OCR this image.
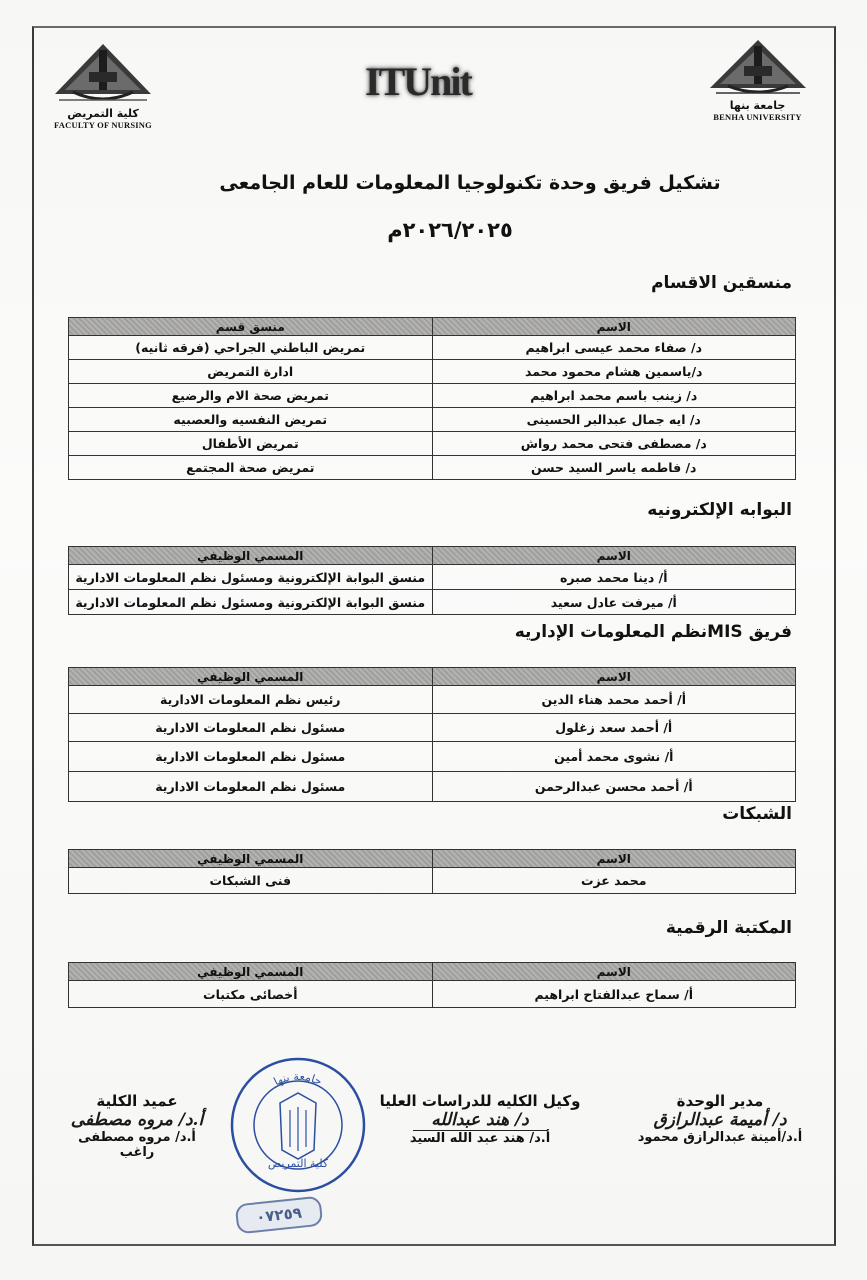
كلية التمريض
FACULTY OF NURSING
ITUnit
جامعة بنها
BENHA UNIVERSITY
تشكيل فريق وحدة تكنولوجيا المعلومات للعام الجامعى
٢٠٢٦/٢٠٢٥م
منسقين الاقسام
الاسم	منسق قسم
د/ صفاء محمد عيسى ابراهيم	تمريض الباطني الجراحي (فرقه ثانيه)
د/ياسمين هشام محمود محمد	ادارة التمريض
د/ زينب باسم محمد ابراهيم	تمريض صحة الام والرضيع
د/ ايه جمال عبدالبر الحسينى	تمريض النفسيه والعصبيه
د/ مصطفى فتحى محمد رواش	تمريض الأطفال
د/ فاطمه ياسر السيد حسن	تمريض صحة المجتمع
البوابه الإلكترونيه
الاسم	المسمي الوظيفي
أ/ دينا محمد صبره	منسق البوابة الإلكترونية ومسئول نظم المعلومات الادارية
أ/ ميرفت عادل سعيد	منسق البوابة الإلكترونية ومسئول نظم المعلومات الادارية
فريق MISنظم المعلومات الإداريه
الاسم	المسمي الوظيفي
أ/ أحمد محمد هناء الدين	رئيس نظم المعلومات الادارية
أ/ أحمد سعد زغلول	مسئول نظم المعلومات الادارية
أ/ نشوى محمد أمين	مسئول نظم المعلومات الادارية
أ/ أحمد محسن عبدالرحمن	مسئول نظم المعلومات الادارية
الشبكات
الاسم	المسمي الوظيفي
محمد عزت	فنى الشبكات
المكتبة الرقمية
الاسم	المسمي الوظيفي
أ/ سماح عبدالفتاح ابراهيم	أخصائى مكتبات
مدير الوحدة
د/ أميمة عبدالرازق
أ.د/أمينة عبدالرازق محمود
وكيل الكليه للدراسات العليا
د/ هند عبدالله
أ.د/ هند عبد الله السيد
عميد الكلية
أ.د/ مروه مصطفى
أ.د/ مروه مصطفى راغب
جامعة بنها
كلية التمريض
٠٧٢٥٩
